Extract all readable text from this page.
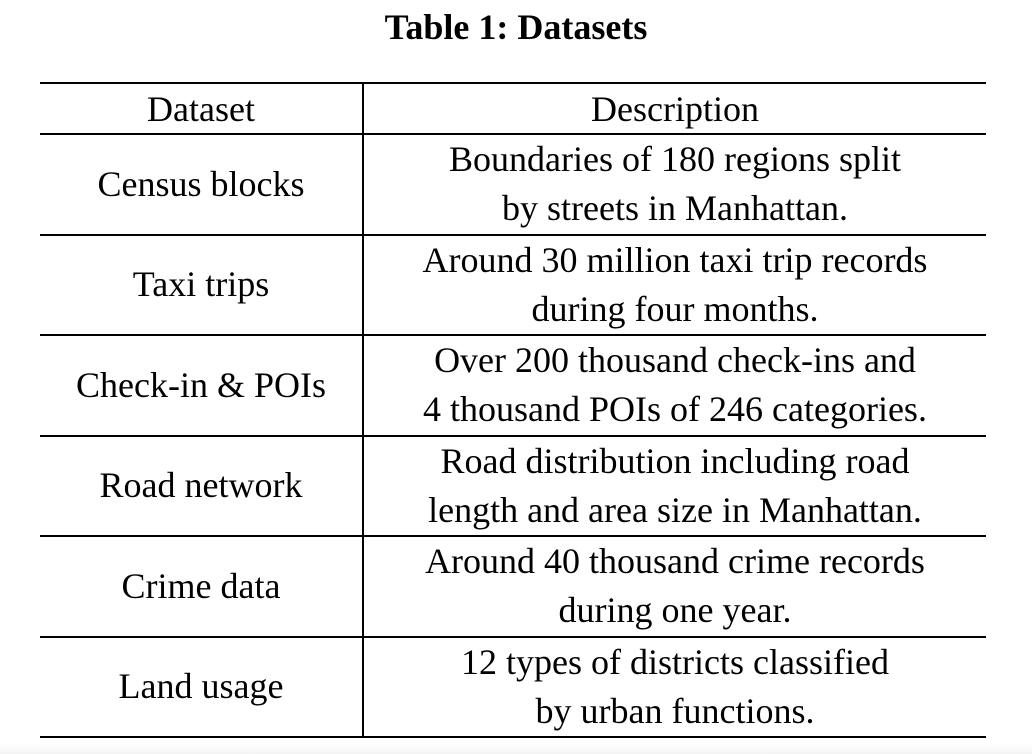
Table 1: Datasets
Dataset	Description
Census blocks	Boundaries of 180 regions split
by streets in Manhattan.

Taxi trips	Around 30 million taxi trip records
during four months.

Check-in & POIs	Over 200 thousand check-ins and
4 thousand POIs of 246 categories.

Road network	Road distribution including road
length and area size in Manhattan.

Crime data	Around 40 thousand crime records
during one year.

Land usage	12 types of districts classified
by urban functions.
